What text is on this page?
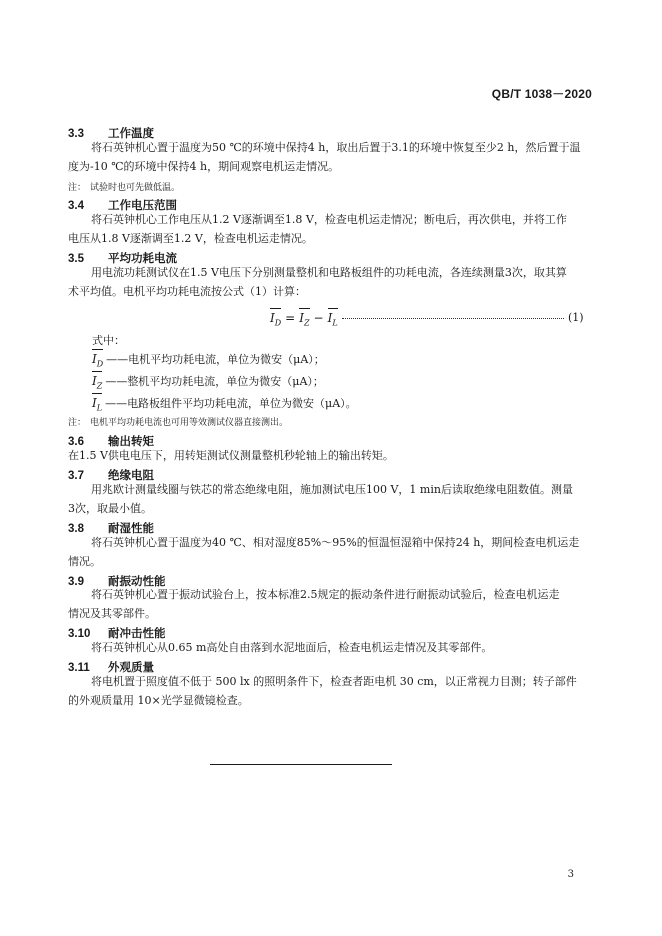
QB/T 1038－2020
3.3 工作温度
将石英钟机心置于温度为50 ℃的环境中保持4 h，取出后置于3.1的环境中恢复至少2 h，然后置于温
度为-10 ℃的环境中保持4 h，期间观察电机运走情况。
注： 试验时也可先做低温。
3.4 工作电压范围
将石英钟机心工作电压从1.2 V逐渐调至1.8 V，检查电机运走情况；断电后，再次供电，并将工作
电压从1.8 V逐渐调至1.2 V，检查电机运走情况。
3.5 平均功耗电流
用电流功耗测试仪在1.5 V电压下分别测量整机和电路板组件的功耗电流，各连续测量3次，取其算
术平均值。电机平均功耗电流按公式（1）计算：
$I_D = I_Z - I_L$	(1)
式中：
$I_D$ ——电机平均功耗电流，单位为微安（μA）；
$I_Z$ ——整机平均功耗电流，单位为微安（μA）；
$I_L$ ——电路板组件平均功耗电流，单位为微安（μA）。
注： 电机平均功耗电流也可用等效测试仪器直接测出。
3.6 输出转矩
在1.5 V供电电压下，用转矩测试仪测量整机秒轮轴上的输出转矩。
3.7 绝缘电阻
用兆欧计测量线圈与铁芯的常态绝缘电阻，施加测试电压100 V，1 min后读取绝缘电阻数值。测量
3次，取最小值。
3.8 耐湿性能
将石英钟机心置于温度为40 ℃、相对湿度85%～95%的恒温恒湿箱中保持24 h，期间检查电机运走
情况。
3.9 耐振动性能
将石英钟机心置于振动试验台上，按本标准2.5规定的振动条件进行耐振动试验后，检查电机运走
情况及其零部件。
3.10 耐冲击性能
将石英钟机心从0.65 m高处自由落到水泥地面后，检查电机运走情况及其零部件。
3.11 外观质量
将电机置于照度值不低于 500 lx 的照明条件下，检查者距电机 30 cm，以正常视力目测；转子部件
的外观质量用 10×光学显微镜检查。
3
